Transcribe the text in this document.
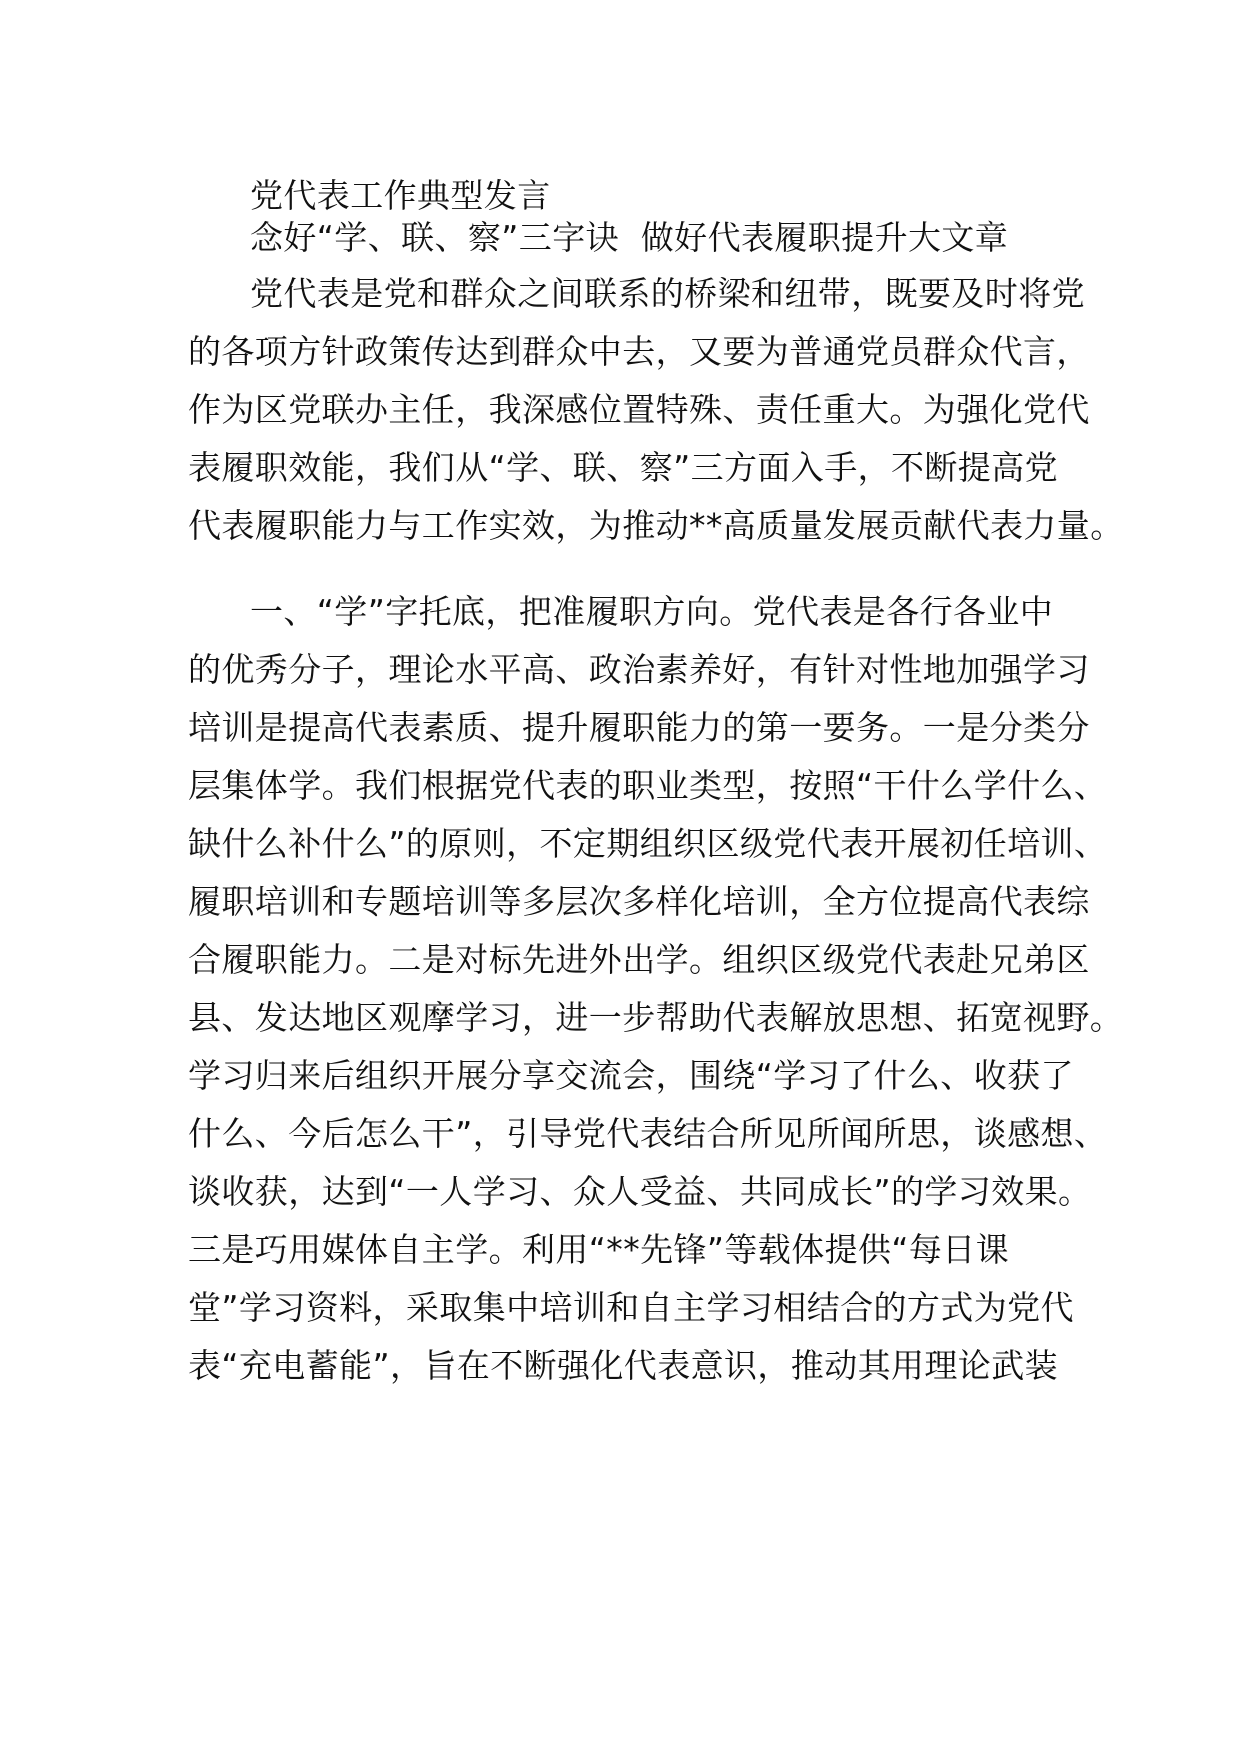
党代表工作典型发言
念好“学、联、察”三字诀  做好代表履职提升大文章
党代表是党和群众之间联系的桥梁和纽带，既要及时将党
的各项方针政策传达到群众中去，又要为普通党员群众代言，
作为区党联办主任，我深感位置特殊、责任重大。为强化党代
表履职效能，我们从“学、联、察”三方面入手，不断提高党
代表履职能力与工作实效，为推动**高质量发展贡献代表力量。
一、“学”字托底，把准履职方向。党代表是各行各业中
的优秀分子，理论水平高、政治素养好，有针对性地加强学习
培训是提高代表素质、提升履职能力的第一要务。一是分类分
层集体学。我们根据党代表的职业类型，按照“干什么学什么、
缺什么补什么”的原则，不定期组织区级党代表开展初任培训、
履职培训和专题培训等多层次多样化培训，全方位提高代表综
合履职能力。二是对标先进外出学。组织区级党代表赴兄弟区
县、发达地区观摩学习，进一步帮助代表解放思想、拓宽视野。
学习归来后组织开展分享交流会，围绕“学习了什么、收获了
什么、今后怎么干”，引导党代表结合所见所闻所思，谈感想、
谈收获，达到“一人学习、众人受益、共同成长”的学习效果。
三是巧用媒体自主学。利用“**先锋”等载体提供“每日课
堂”学习资料，采取集中培训和自主学习相结合的方式为党代
表“充电蓄能”，旨在不断强化代表意识，推动其用理论武装
